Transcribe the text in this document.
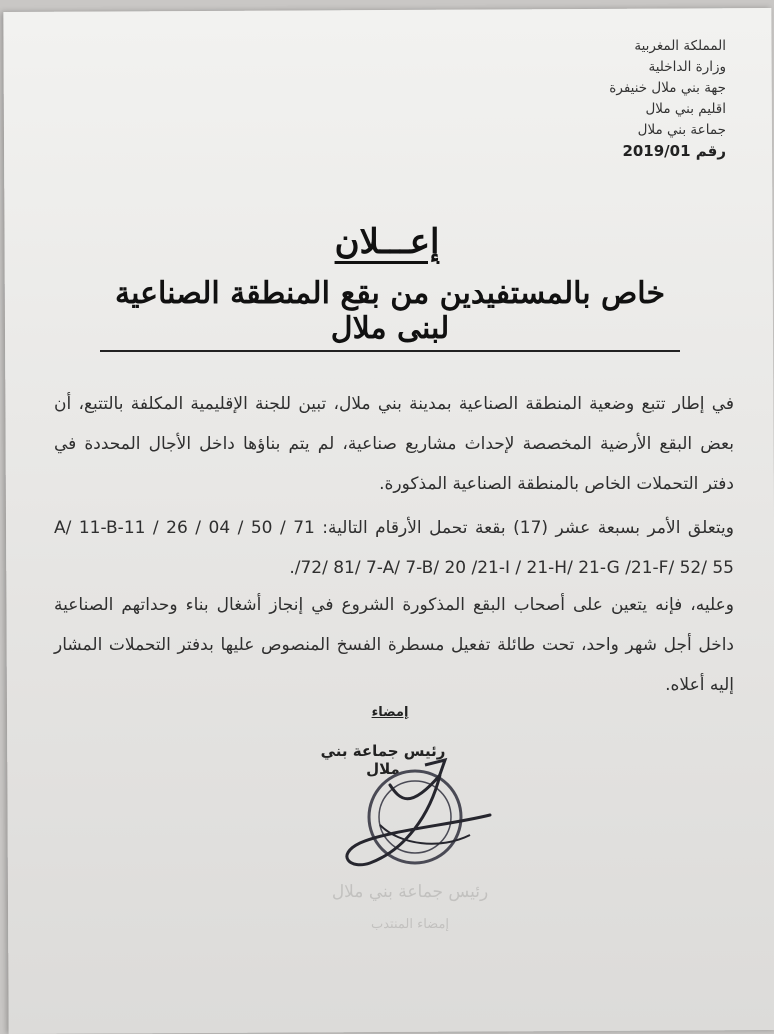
المملكة المغربية
وزارة الداخلية
جهة بني ملال خنيفرة
اقليم بني ملال
جماعة بني ملال
رقم 2019/01
إعـــلان
خاص بالمستفيدين من بقع المنطقة الصناعية لبنى ملال
في إطار تتبع وضعية المنطقة الصناعية بمدينة بني ملال، تبين للجنة الإقليمية المكلفة بالتتبع، أن بعض البقع الأرضية المخصصة لإحداث مشاريع صناعية، لم يتم بناؤها داخل الأجال المحددة في دفتر التحملات الخاص بالمنطقة الصناعية المذكورة.
ويتعلق الأمر بسبعة عشر (17) بقعة تحمل الأرقام التالية: 71 / 50 / 04 / 26 / 11-A/ 11-B /72/ 81/ 7-A/ 7-B/ 20 /21-I / 21-H/ 21-G /21-F/ 52/ 55.
وعليه، فإنه يتعين على أصحاب البقع المذكورة الشروع في إنجاز أشغال بناء وحداتهم الصناعية داخل أجل شهر واحد، تحت طائلة تفعيل مسطرة الفسخ المنصوص عليها بدفتر التحملات المشار إليه أعلاه.
إمضاء
رئيس جماعة بني ملال
رئيس جماعة بني ملال
إمضاء المنتدب
